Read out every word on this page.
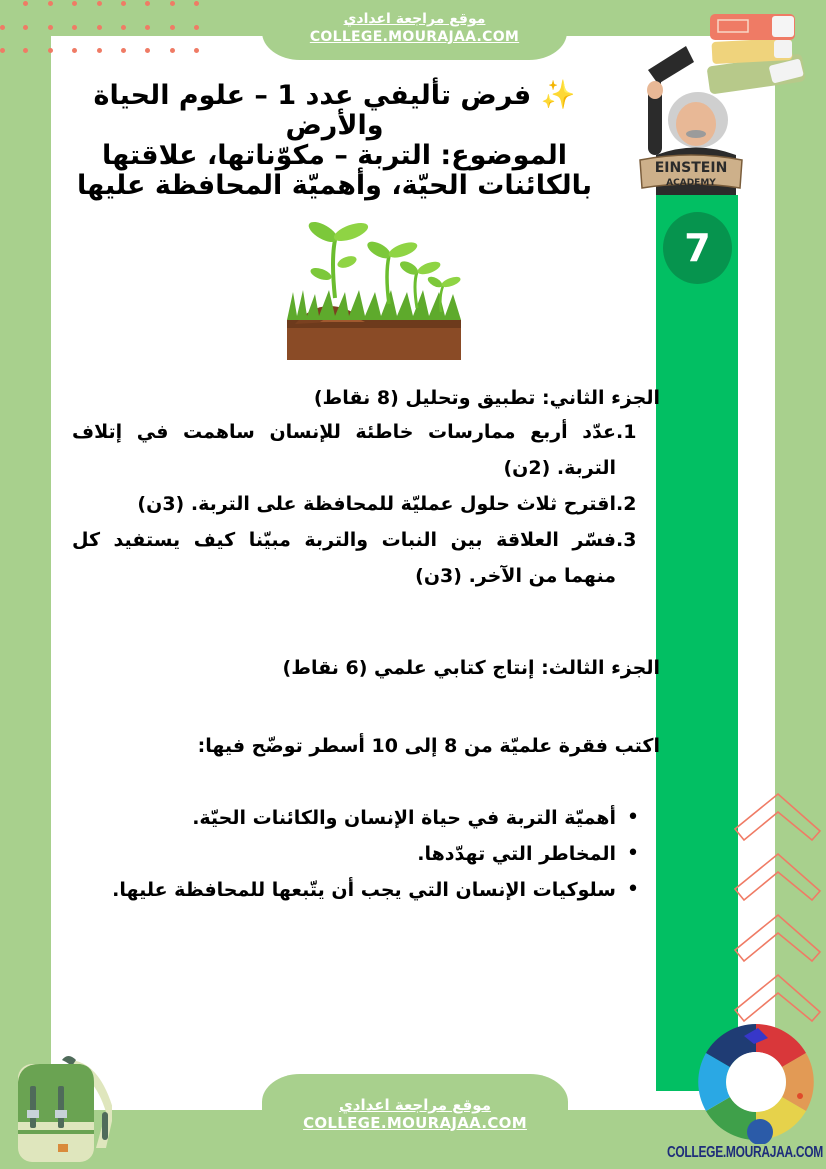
موقع مراجعة اعدادي
COLLEGE.MOURAJAA.COM
EINSTEIN
ACADEMY
7
✨ فرض تأليفي عدد 1 – علوم الحياة والأرض
الموضوع: التربة – مكوّناتها، علاقتها بالكائنات الحيّة، وأهميّة المحافظة عليها
الجزء الثاني: تطبيق وتحليل (8 نقاط)
1.
عدّد أربع ممارسات خاطئة للإنسان ساهمت في إتلاف التربة. (2ن)
2.
اقترح ثلاث حلول عمليّة للمحافظة على التربة. (3ن)
3.
فسّر العلاقة بين النبات والتربة مبيّنا كيف يستفيد كل منهما من الآخر. (3ن)
الجزء الثالث: إنتاج كتابي علمي (6 نقاط)
اكتب فقرة علميّة من 8 إلى 10 أسطر توضّح فيها:
•
أهميّة التربة في حياة الإنسان والكائنات الحيّة.
•
المخاطر التي تهدّدها.
•
سلوكيات الإنسان التي يجب أن يتّبعها للمحافظة عليها.
موقع مراجعة اعدادي
COLLEGE.MOURAJAA.COM
COLLEGE.MOURAJAA.COM
